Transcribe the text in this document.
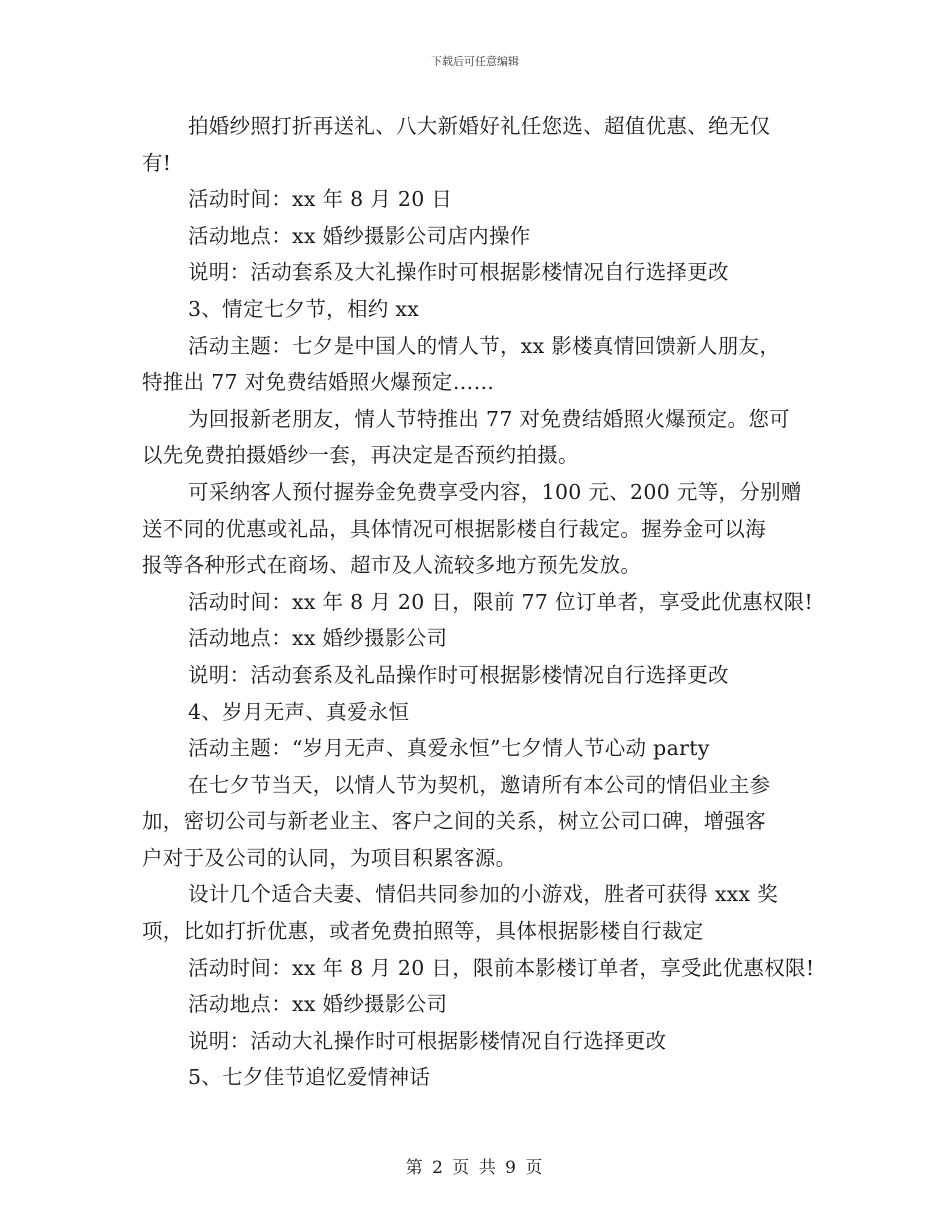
下载后可任意编辑
拍婚纱照打折再送礼、八大新婚好礼任您选、超值优惠、绝无仅
有!
活动时间：xx 年 8 月 20 日
活动地点：xx 婚纱摄影公司店内操作
说明：活动套系及大礼操作时可根据影楼情况自行选择更改
3、情定七夕节，相约 xx
活动主题：七夕是中国人的情人节，xx 影楼真情回馈新人朋友，
特推出 77 对免费结婚照火爆预定……
为回报新老朋友，情人节特推出 77 对免费结婚照火爆预定。您可
以先免费拍摄婚纱一套，再决定是否预约拍摄。
可采纳客人预付握券金免费享受内容，100 元、200 元等，分别赠
送不同的优惠或礼品，具体情况可根据影楼自行裁定。握券金可以海
报等各种形式在商场、超市及人流较多地方预先发放。
活动时间：xx 年 8 月 20 日，限前 77 位订单者，享受此优惠权限!
活动地点：xx 婚纱摄影公司
说明：活动套系及礼品操作时可根据影楼情况自行选择更改
4、岁月无声、真爱永恒
活动主题：“岁月无声、真爱永恒”七夕情人节心动 party
在七夕节当天，以情人节为契机，邀请所有本公司的情侣业主参
加，密切公司与新老业主、客户之间的关系，树立公司口碑，增强客
户对于及公司的认同，为项目积累客源。
设计几个适合夫妻、情侣共同参加的小游戏，胜者可获得 xxx 奖
项，比如打折优惠，或者免费拍照等，具体根据影楼自行裁定
活动时间：xx 年 8 月 20 日，限前本影楼订单者，享受此优惠权限!
活动地点：xx 婚纱摄影公司
说明：活动大礼操作时可根据影楼情况自行选择更改
5、七夕佳节追忆爱情神话
第 2 页 共 9 页
